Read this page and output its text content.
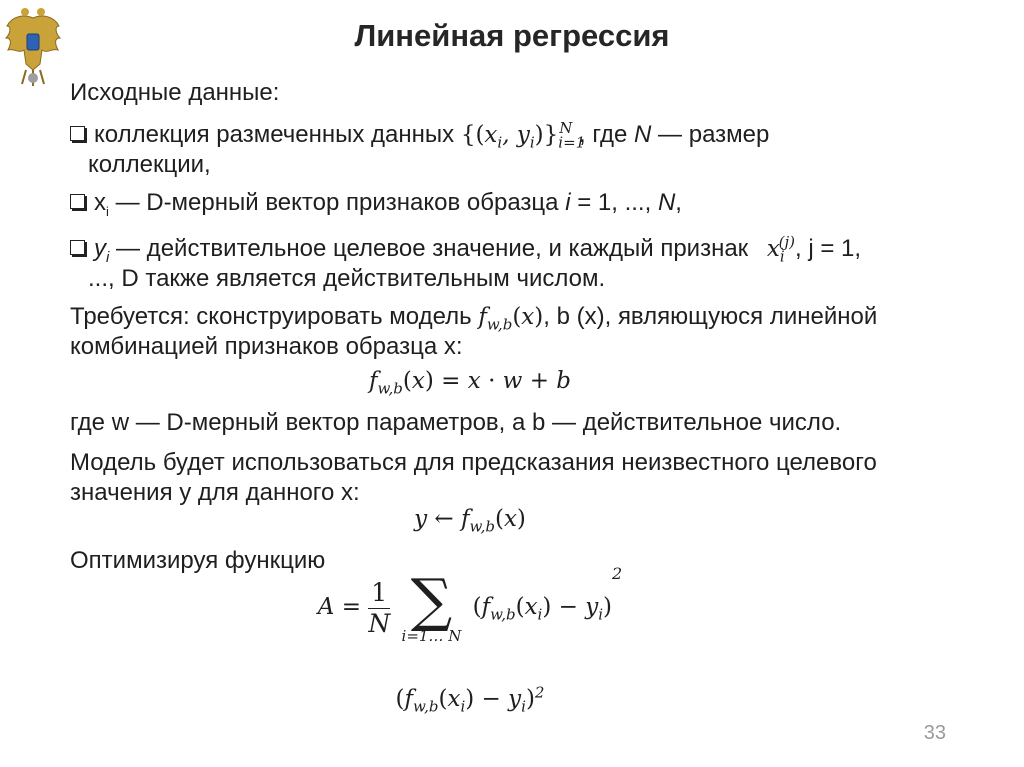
Линейная регрессия
Исходные данные:
коллекция размеченных данных {($x_i$, $y_i)\}_{i=1}^N$ , где N — размер
коллекции,
$x_i$ — D-мерный вектор признаков образца i = 1, ..., N,
$y_i$ — действительное целевое значение, и каждый признак $x_i^{(j)}$, j = 1,
..., D также является действительным числом.
Требуется: сконструировать модель $f_{w,b}(x)$, b (x), являющуюся линейной
комбинацией признаков образца x:
$f_{w,b}(x) = x \cdot w + b$
где w — D-мерный вектор параметров, а b — действительное число.
Модель будет использоваться для предсказания неизвестного целевого
значения y для данного x:
y ← $f_{w,b}(x)$
Оптимизируя функцию
$A = \frac{1}{N}$
∑
i=1… N
$(f_{w,b}(x_i) - y_i)^2$
$(f_{w,b}(x_i) - y_i)^2$
33
